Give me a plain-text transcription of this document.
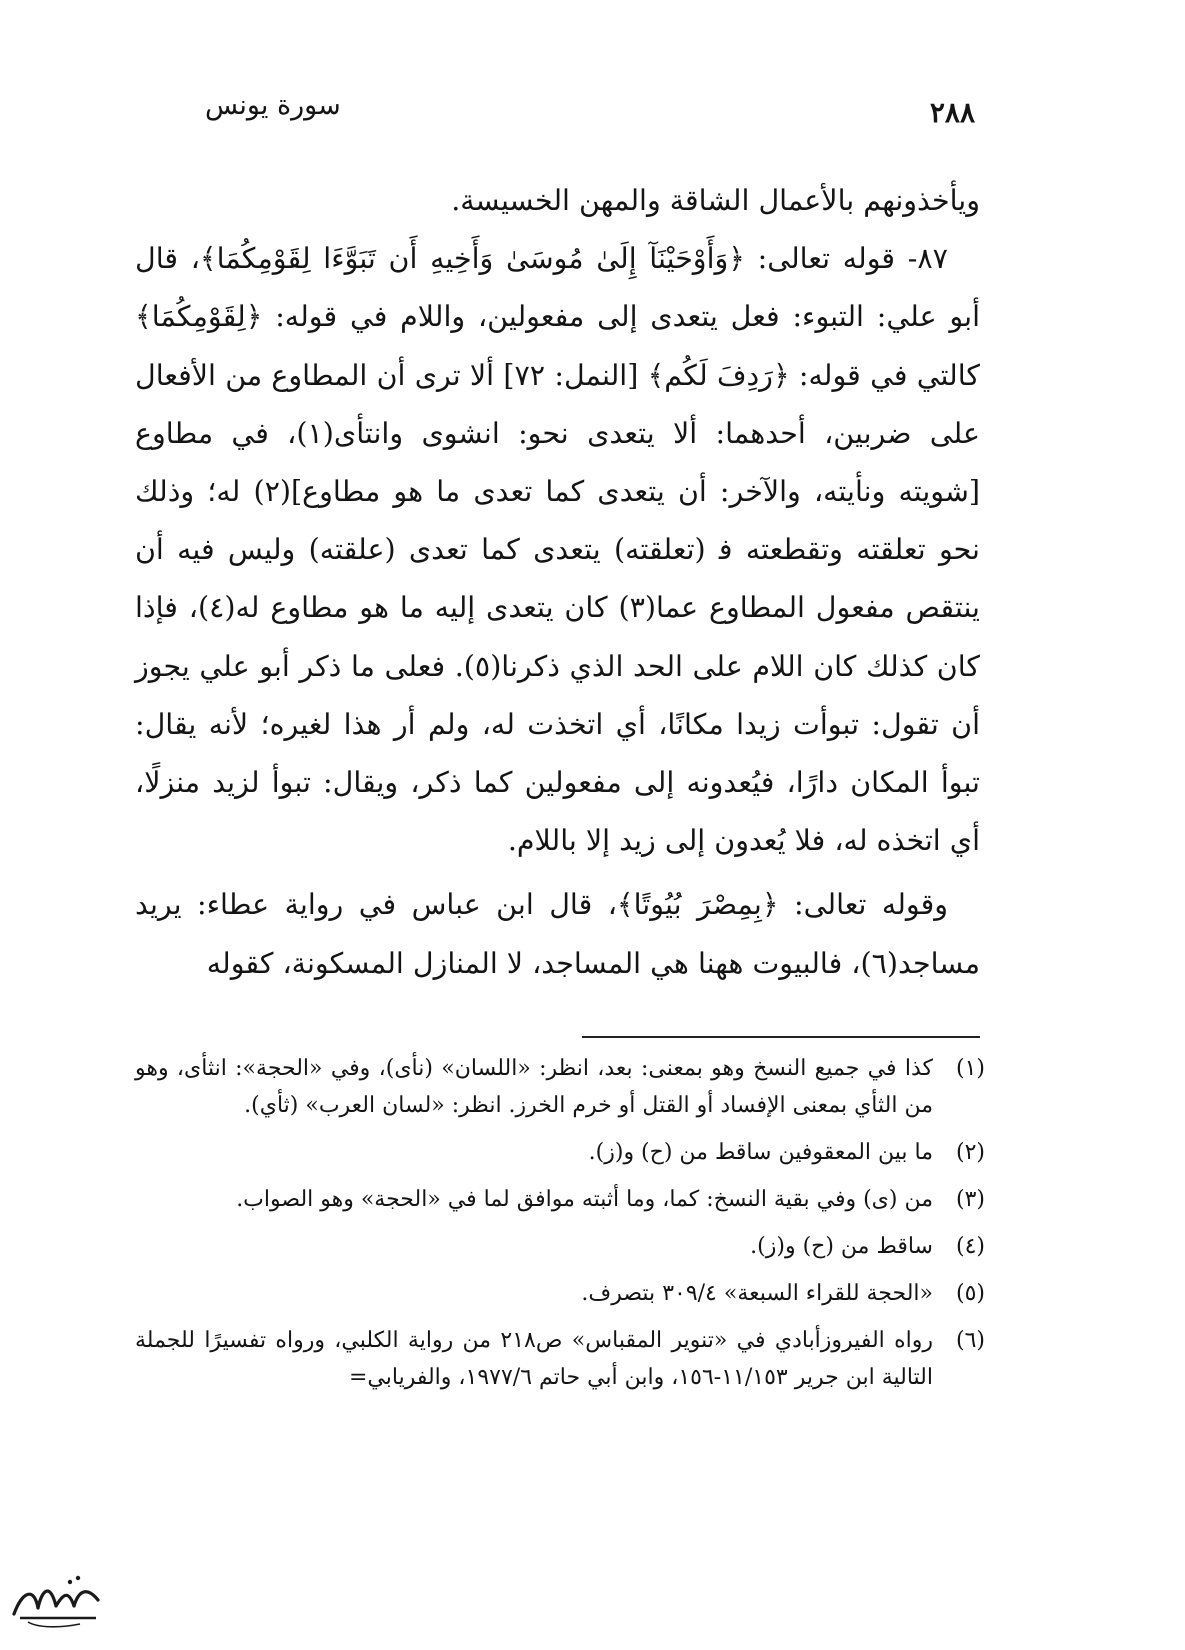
٢٨٨
سورة يونس

ويأخذونهم بالأعمال الشاقة والمهن الخسيسة.

٨٧- قوله تعالى: ﴿وَأَوْحَيْنَآ إِلَىٰ مُوسَىٰ وَأَخِيهِ أَن تَبَوَّءَا لِقَوْمِكُمَا﴾، قال أبو علي: التبوء: فعل يتعدى إلى مفعولين، واللام في قوله: ﴿لِقَوْمِكُمَا﴾ كالتي في قوله: ﴿رَدِفَ لَكُم﴾ [النمل: ٧٢] ألا ترى أن المطاوع من الأفعال على ضربين، أحدهما: ألا يتعدى نحو: انشوى وانتأى(١)، في مطاوع [شويته ونأيته، والآخر: أن يتعدى كما تعدى ما هو مطاوع](٢) له؛ وذلك نحو تعلقته وتقطعته ف‍ (تعلقته) يتعدى كما تعدى (علقته) وليس فيه أن ينتقص مفعول المطاوع عما(٣) كان يتعدى إليه ما هو مطاوع له(٤)، فإذا كان كذلك كان اللام على الحد الذي ذكرنا(٥). فعلى ما ذكر أبو علي يجوز أن تقول: تبوأت زيدا مكانًا، أي اتخذت له، ولم أر هذا لغيره؛ لأنه يقال: تبوأ المكان دارًا، فيُعدونه إلى مفعولين كما ذكر، ويقال: تبوأ لزيد منزلًا، أي اتخذه له، فلا يُعدون إلى زيد إلا باللام.

وقوله تعالى: ﴿بِمِصْرَ بُيُوتًا﴾، قال ابن عباس في رواية عطاء: يريد مساجد(٦)، فالبيوت ههنا هي المساجد، لا المنازل المسكونة، كقوله

(١)
كذا في جميع النسخ وهو بمعنى: بعد، انظر: «اللسان» (نأى)، وفي «الحجة»: انثأى، وهو من الثأي بمعنى الإفساد أو القتل أو خرم الخرز. انظر: «لسان العرب» (ثأي).
(٢)
ما بين المعقوفين ساقط من (ح) و(ز).
(٣)
من (ى) وفي بقية النسخ: كما، وما أثبته موافق لما في «الحجة» وهو الصواب.
(٤)
ساقط من (ح) و(ز).
(٥)
«الحجة للقراء السبعة» ٣٠٩/٤ بتصرف.
(٦)
رواه الفيروزأبادي في «تنوير المقباس» ص٢١٨ من رواية الكلبي، ورواه تفسيرًا للجملة التالية ابن جرير ١١/١٥٣-١٥٦، وابن أبي حاتم ١٩٧٧/٦، والفريابي=
